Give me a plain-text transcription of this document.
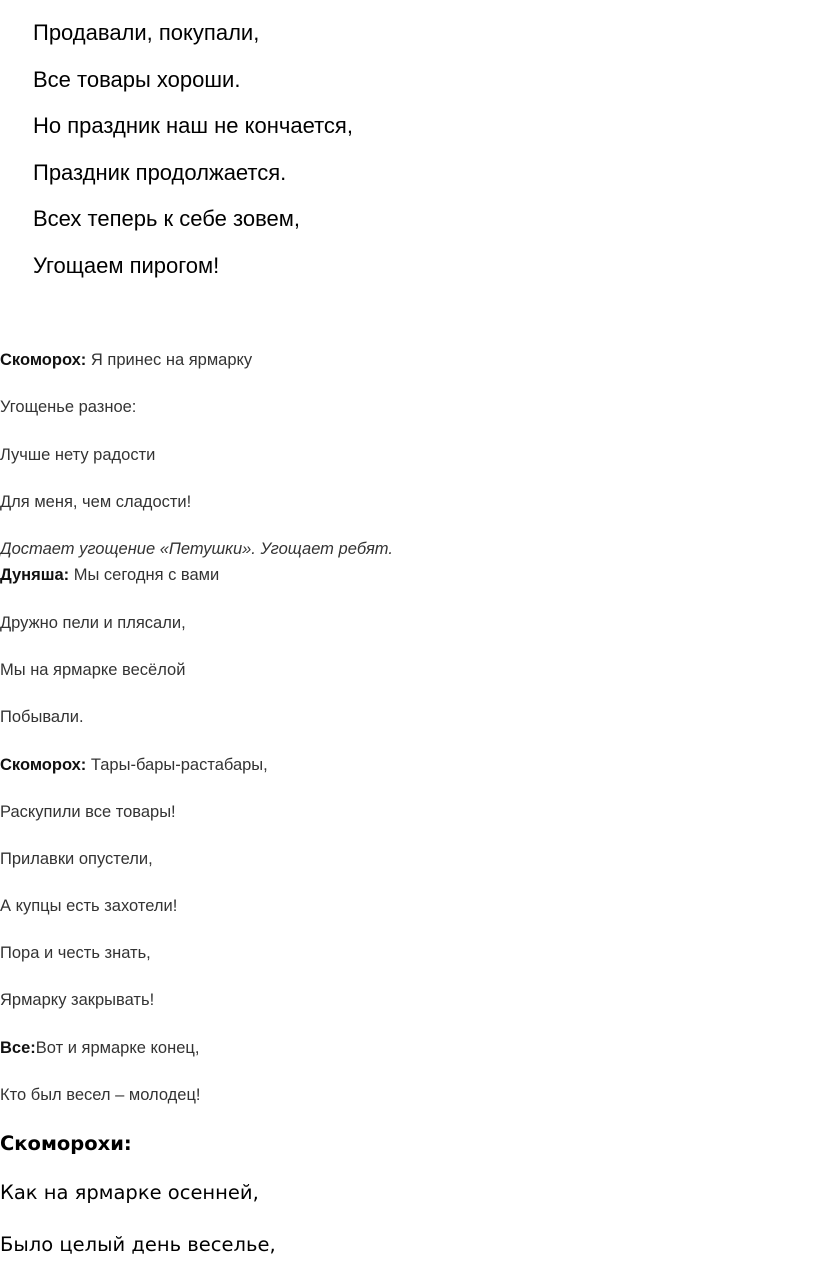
Продавали, покупали,

Все товары хороши.

Но праздник наш не кончается,

Праздник продолжается.

Всех теперь к себе зовем,

Угощаем пирогом!

Скоморох: Я принес на ярмарку

Угощенье разное:

Лучше нету радости

Для меня, чем сладости!

Достает угощение «Петушки». Угощает ребят.

Дуняша: Мы сегодня с вами

Дружно пели и плясали,

Мы на ярмарке весёлой

Побывали.

Скоморох: Тары-бары-растабары,

Раскупили все товары!

Прилавки опустели,

А купцы есть захотели!

Пора и честь знать,

Ярмарку закрывать!

Все:Вот и ярмарке конец,

Кто был весел – молодец!

Скоморохи:

Как на ярмарке осенней,

Было целый день веселье,
